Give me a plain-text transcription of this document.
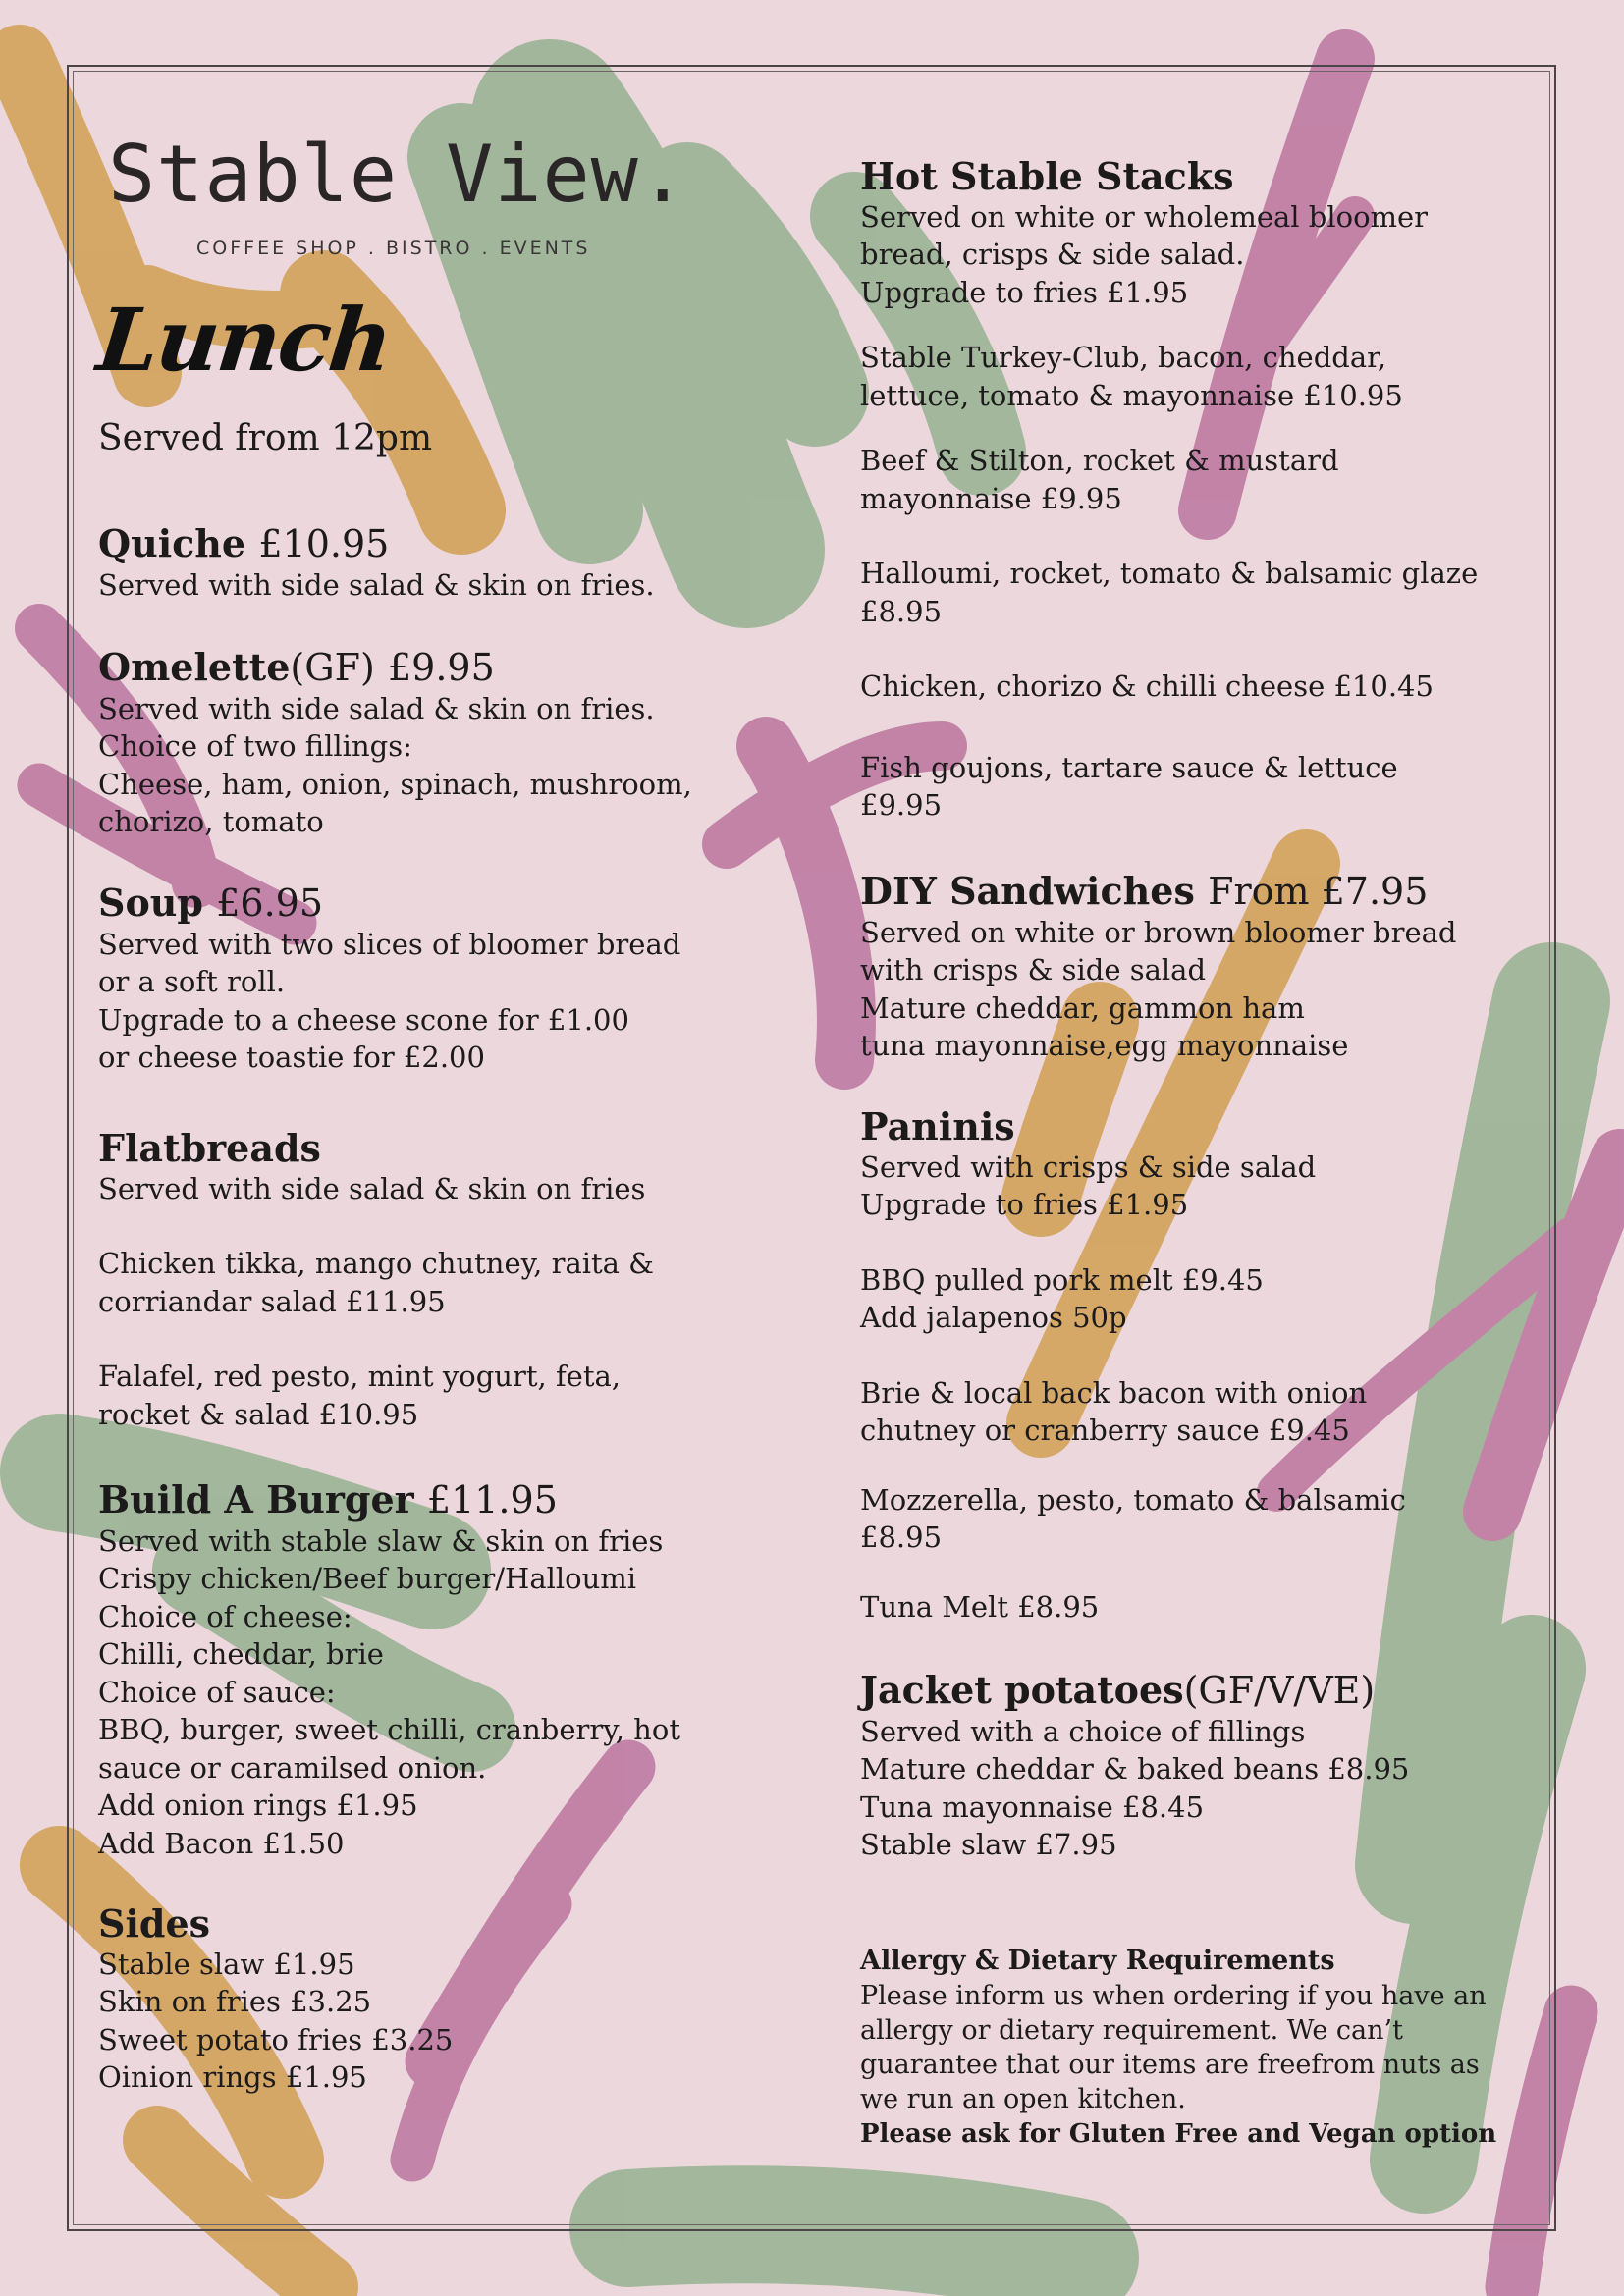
Stable View.
COFFEE SHOP . BISTRO . EVENTS
Lunch
Served from 12pm
Quiche £10.95
Served with side salad & skin on fries.
Omelette(GF) £9.95
Served with side salad & skin on fries.
Choice of two fillings:
Cheese, ham, onion, spinach, mushroom,
chorizo, tomato
Soup £6.95
Served with two slices of bloomer bread
or a soft roll.
Upgrade to a cheese scone for £1.00
or cheese toastie for £2.00
Flatbreads
Served with side salad & skin on fries
Chicken tikka, mango chutney, raita &
corriandar salad £11.95
Falafel, red pesto, mint yogurt, feta,
rocket & salad £10.95
Build A Burger £11.95
Served with stable slaw & skin on fries
Crispy chicken/Beef burger/Halloumi
Choice of cheese:
Chilli, cheddar, brie
Choice of sauce:
BBQ, burger, sweet chilli, cranberry, hot
sauce or caramilsed onion.
Add onion rings £1.95
Add Bacon £1.50
Sides
Stable slaw £1.95
Skin on fries £3.25
Sweet potato fries £3.25
Oinion rings £1.95
Hot Stable Stacks
Served on white or wholemeal bloomer
bread, crisps & side salad.
Upgrade to fries £1.95
Stable Turkey-Club, bacon, cheddar,
lettuce, tomato & mayonnaise £10.95
Beef & Stilton, rocket & mustard
mayonnaise £9.95
Halloumi, rocket, tomato & balsamic glaze
£8.95
Chicken, chorizo & chilli cheese £10.45
Fish goujons, tartare sauce & lettuce
£9.95
DIY Sandwiches From £7.95
Served on white or brown bloomer bread
with crisps & side salad
Mature cheddar, gammon ham
tuna mayonnaise,egg mayonnaise
Paninis
Served with crisps & side salad
Upgrade to fries £1.95
BBQ pulled pork melt £9.45
Add jalapenos 50p
Brie & local back bacon with onion
chutney or cranberry sauce £9.45
Mozzerella, pesto, tomato & balsamic
£8.95
Tuna Melt £8.95
Jacket potatoes(GF/V/VE)
Served with a choice of fillings
Mature cheddar & baked beans £8.95
Tuna mayonnaise £8.45
Stable slaw £7.95
Allergy & Dietary Requirements
Please inform us when ordering if you have an
allergy or dietary requirement. We can’t
guarantee that our items are freefrom nuts as
we run an open kitchen.
Please ask for Gluten Free and Vegan option
